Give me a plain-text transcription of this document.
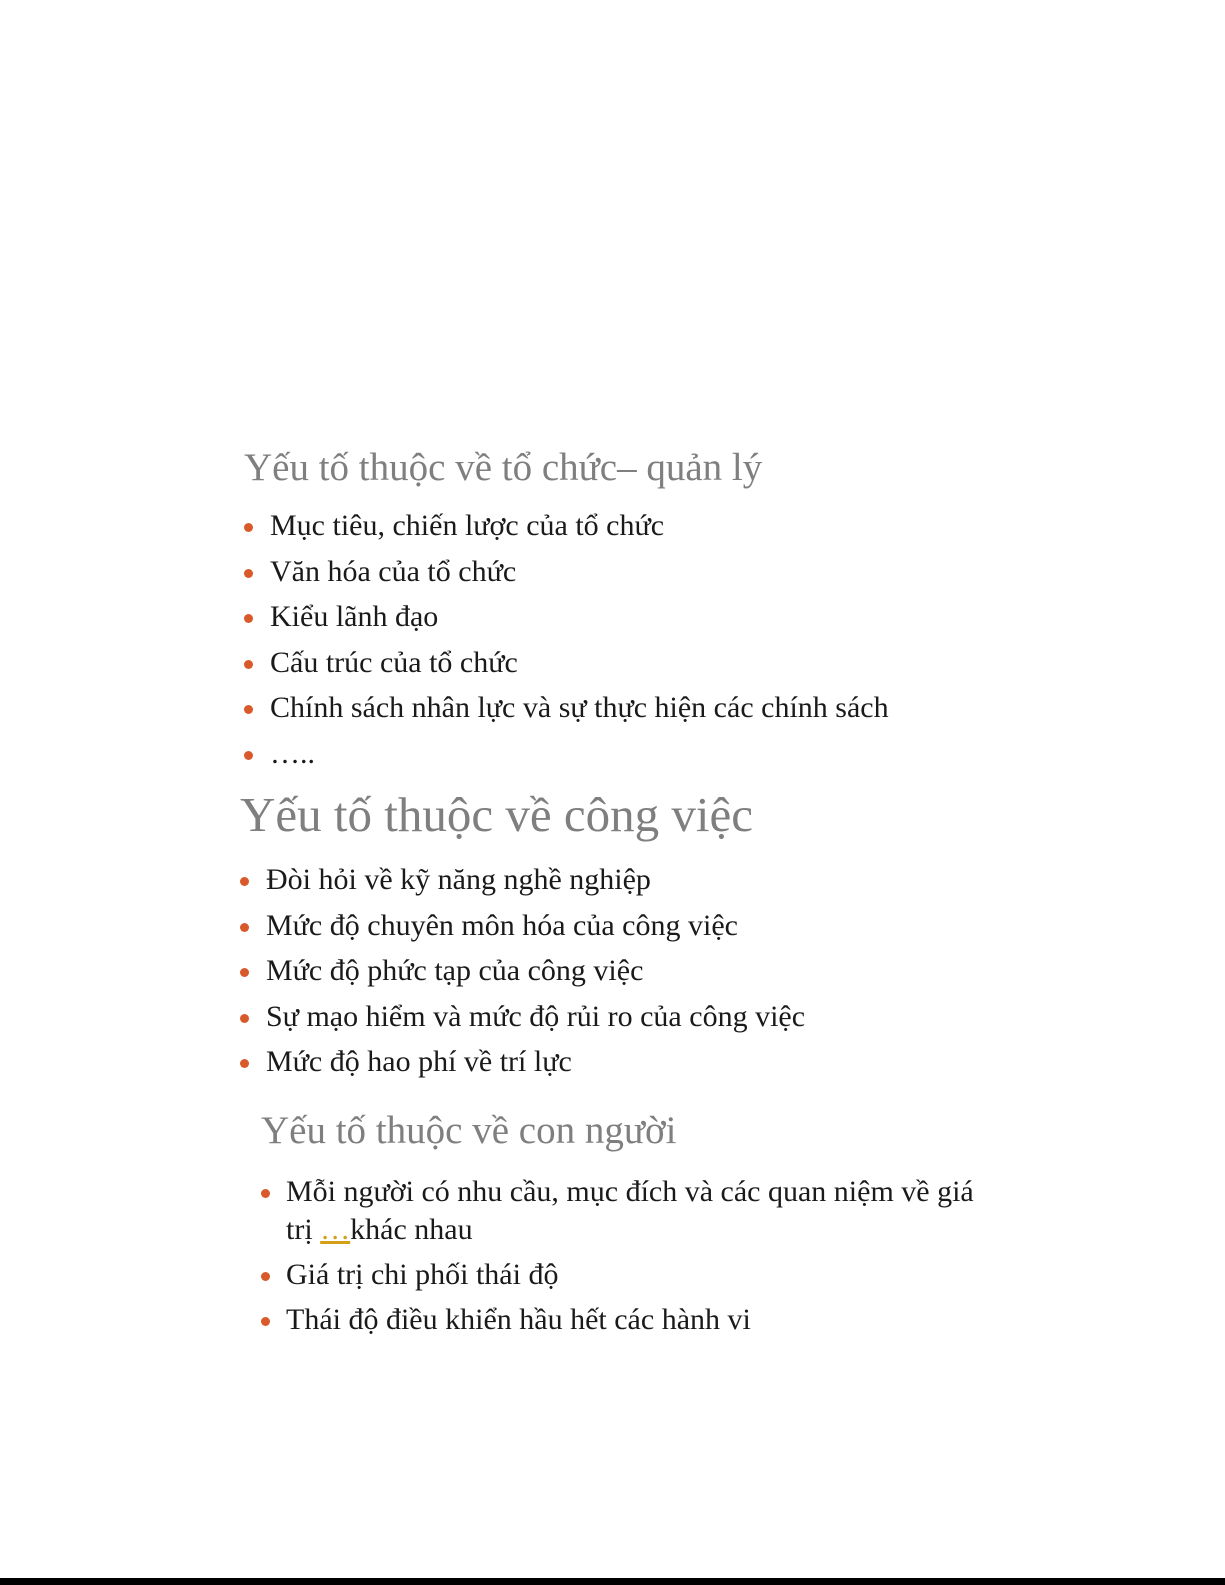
Yếu tố thuộc về tổ chức– quản lý
Mục tiêu, chiến lược của tổ chức
Văn hóa của tổ chức
Kiểu lãnh đạo
Cấu trúc của tổ chức
Chính sách nhân lực và sự thực hiện các chính sách
…..
Yếu tố thuộc về công việc
Đòi hỏi về kỹ năng nghề nghiệp
Mức độ chuyên môn hóa của công việc
Mức độ phức tạp của công việc
Sự mạo hiểm và mức độ rủi ro của công việc
Mức độ hao phí về trí lực
Yếu tố thuộc về con người
Mỗi người có nhu cầu, mục đích và các quan niệm về giá trị …khác nhau
Giá trị chi phối thái độ
Thái độ điều khiển hầu hết các hành vi
